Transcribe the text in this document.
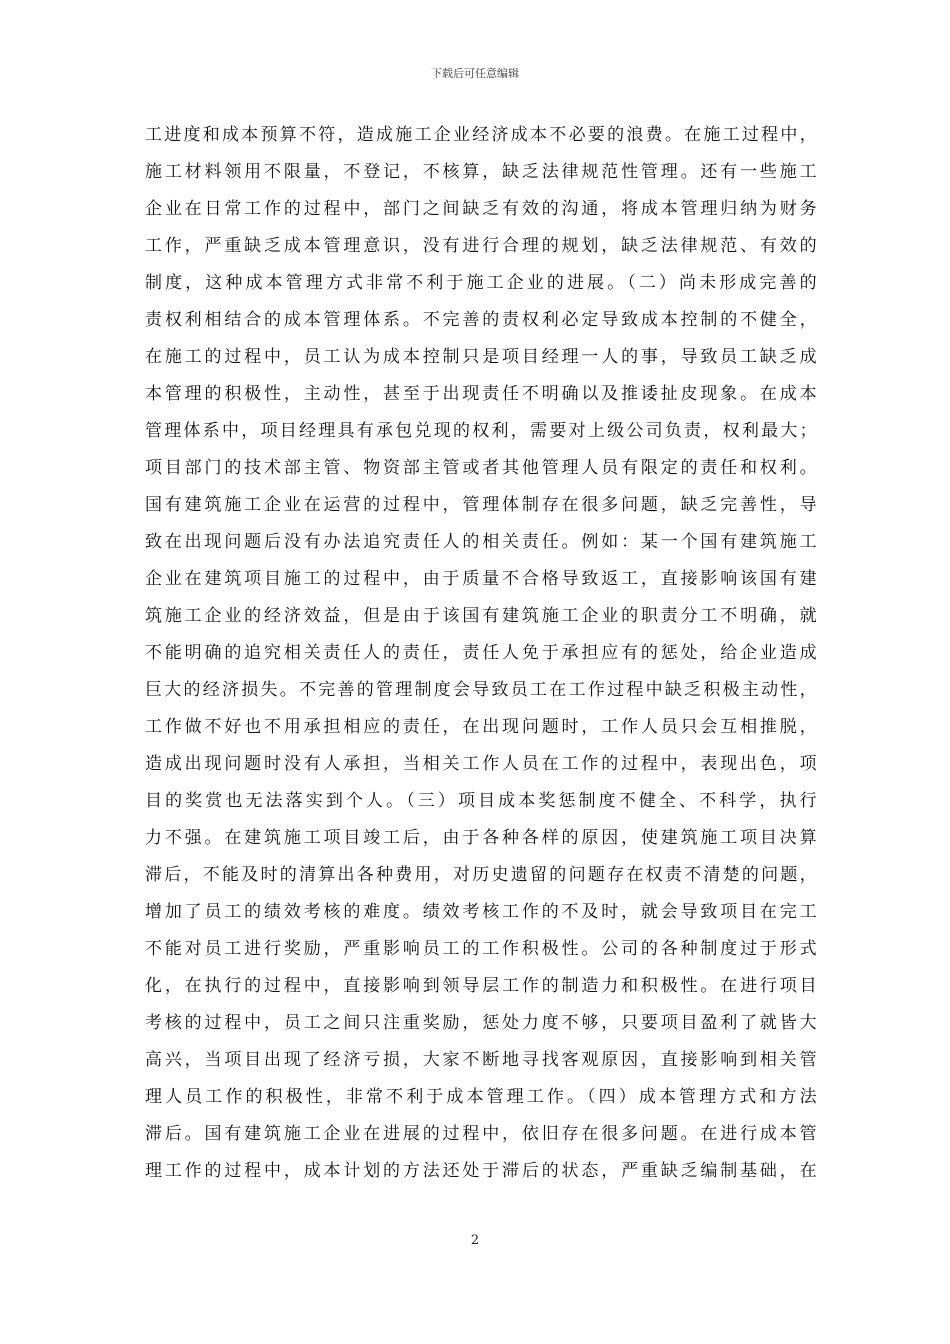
下载后可任意编辑
工进度和成本预算不符，造成施工企业经济成本不必要的浪费。在施工过程中，
施工材料领用不限量，不登记，不核算，缺乏法律规范性管理。还有一些施工
企业在日常工作的过程中，部门之间缺乏有效的沟通，将成本管理归纳为财务
工作，严重缺乏成本管理意识，没有进行合理的规划，缺乏法律规范、有效的
制度，这种成本管理方式非常不利于施工企业的进展。（二）尚未形成完善的
责权利相结合的成本管理体系。不完善的责权利必定导致成本控制的不健全，
在施工的过程中，员工认为成本控制只是项目经理一人的事，导致员工缺乏成
本管理的积极性，主动性，甚至于出现责任不明确以及推诿扯皮现象。在成本
管理体系中，项目经理具有承包兑现的权利，需要对上级公司负责，权利最大；
项目部门的技术部主管、物资部主管或者其他管理人员有限定的责任和权利。
国有建筑施工企业在运营的过程中，管理体制存在很多问题，缺乏完善性，导
致在出现问题后没有办法追究责任人的相关责任。例如：某一个国有建筑施工
企业在建筑项目施工的过程中，由于质量不合格导致返工，直接影响该国有建
筑施工企业的经济效益，但是由于该国有建筑施工企业的职责分工不明确，就
不能明确的追究相关责任人的责任，责任人免于承担应有的惩处，给企业造成
巨大的经济损失。不完善的管理制度会导致员工在工作过程中缺乏积极主动性，
工作做不好也不用承担相应的责任，在出现问题时，工作人员只会互相推脱，
造成出现问题时没有人承担，当相关工作人员在工作的过程中，表现出色，项
目的奖赏也无法落实到个人。（三）项目成本奖惩制度不健全、不科学，执行
力不强。在建筑施工项目竣工后，由于各种各样的原因，使建筑施工项目决算
滞后，不能及时的清算出各种费用，对历史遗留的问题存在权责不清楚的问题，
增加了员工的绩效考核的难度。绩效考核工作的不及时，就会导致项目在完工
不能对员工进行奖励，严重影响员工的工作积极性。公司的各种制度过于形式
化，在执行的过程中，直接影响到领导层工作的制造力和积极性。在进行项目
考核的过程中，员工之间只注重奖励，惩处力度不够，只要项目盈利了就皆大
高兴，当项目出现了经济亏损，大家不断地寻找客观原因，直接影响到相关管
理人员工作的积极性，非常不利于成本管理工作。（四）成本管理方式和方法
滞后。国有建筑施工企业在进展的过程中，依旧存在很多问题。在进行成本管
理工作的过程中，成本计划的方法还处于滞后的状态，严重缺乏编制基础，在
2
